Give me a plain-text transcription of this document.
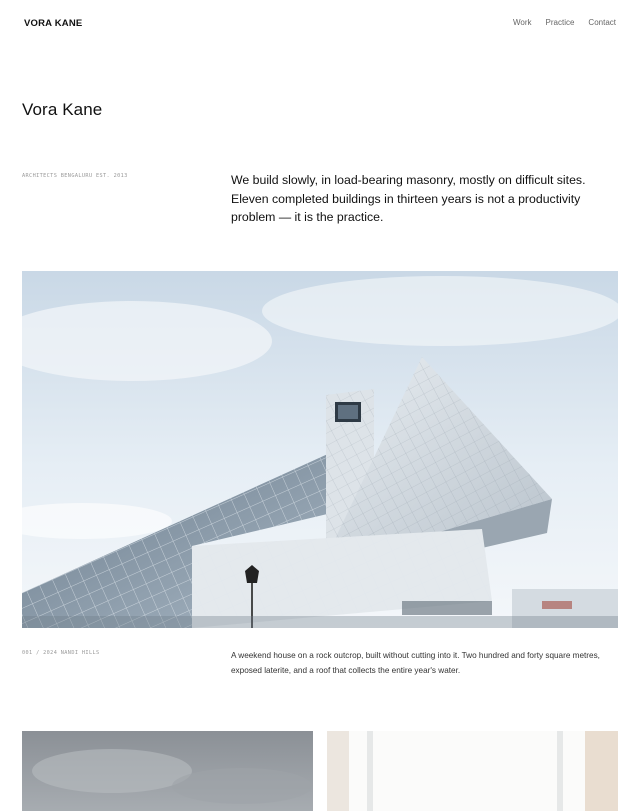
VORA KANE	Work Practice Contact
Vora Kane
ARCHITECTS BENGALURU EST. 2013	We build slowly, in load-bearing masonry, mostly on difficult sites. Eleven completed buildings in thirteen years is not a productivity problem — it is the practice.

001 / 2024 NANDI HILLS	A weekend house on a rock outcrop, built without cutting into it. Two hundred and forty square metres, exposed laterite, and a roof that collects the entire year's water.
